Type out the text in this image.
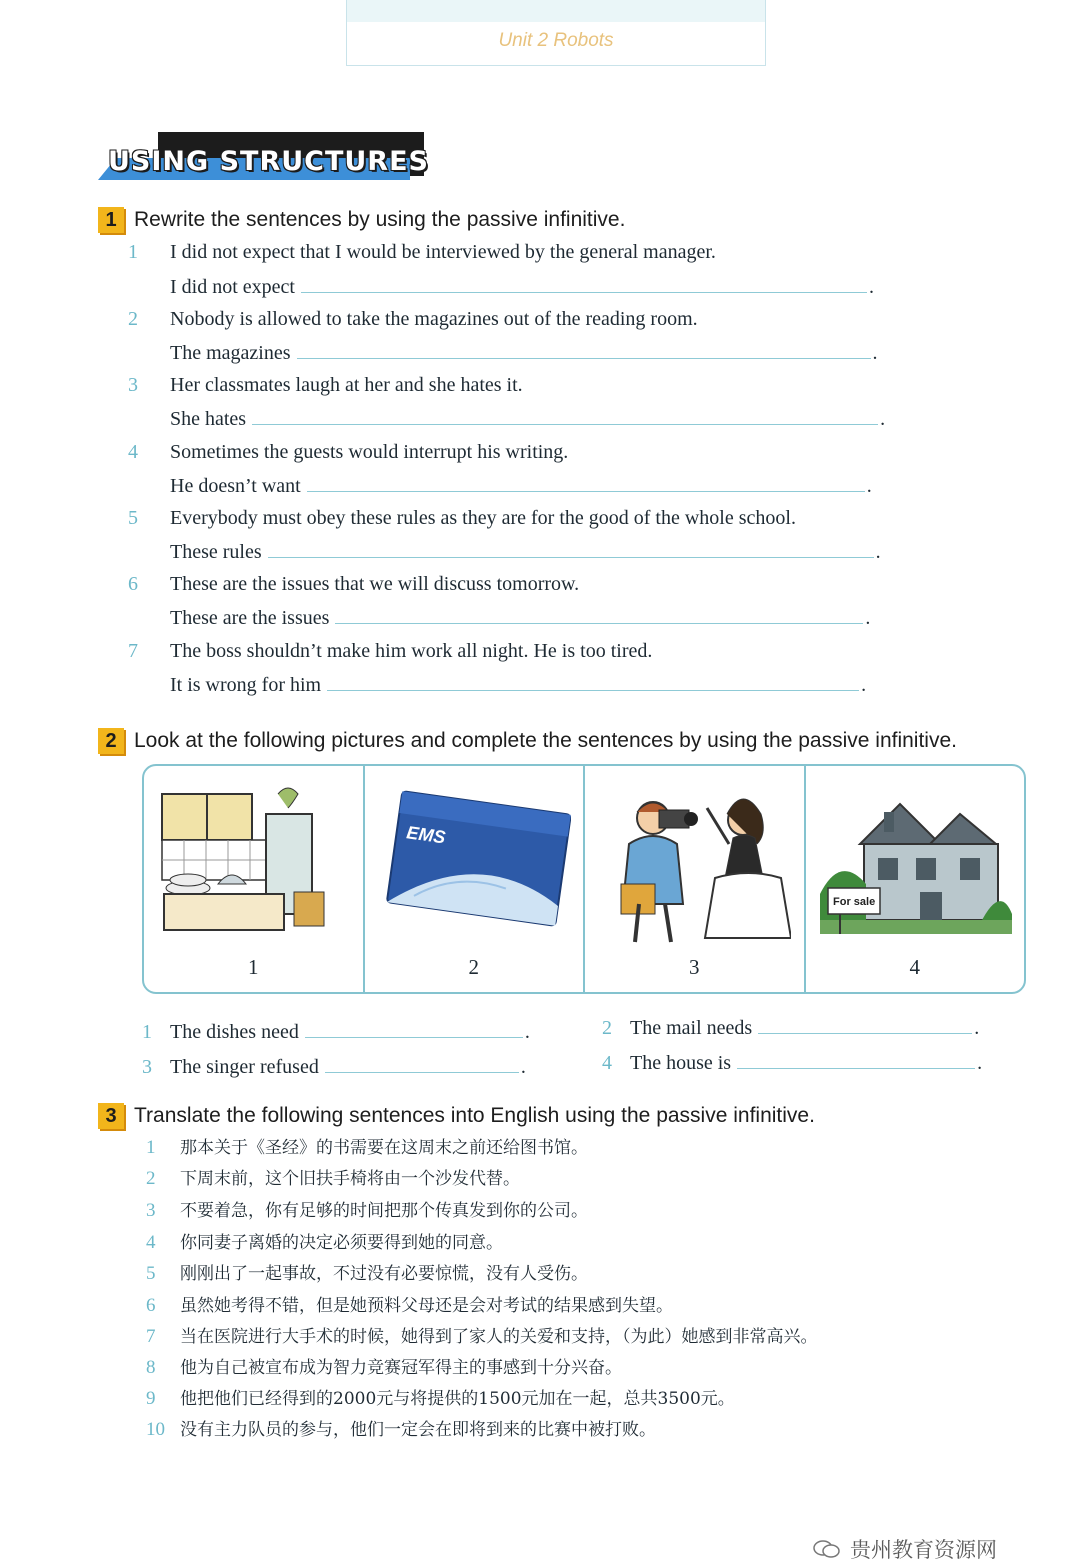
Unit 2 Robots
USING STRUCTURES
1 Rewrite the sentences by using the passive infinitive.
1 I did not expect that I would be interviewed by the general manager.
I did not expect	.
2 Nobody is allowed to take the magazines out of the reading room.
The magazines	.
3 Her classmates laugh at her and she hates it.
She hates	.
4 Sometimes the guests would interrupt his writing.
He doesn’t want	.
5 Everybody must obey these rules as they are for the good of the whole school.
These rules	.
6 These are the issues that we will discuss tomorrow.
These are the issues	.
7 The boss shouldn’t make him work all night. He is too tired.
It is wrong for him	.
2 Look at the following pictures and complete the sentences by using the passive infinitive.
1
EMS
2	3
For sale
4
1 The dishes need	.	2 The mail needs	.
3 The singer refused	.	4 The house is	.
3 Translate the following sentences into English using the passive infinitive.
1 那本关于《圣经》的书需要在这周末之前还给图书馆。
2 下周末前，这个旧扶手椅将由一个沙发代替。
3 不要着急，你有足够的时间把那个传真发到你的公司。
4 你同妻子离婚的决定必须要得到她的同意。
5 刚刚出了一起事故，不过没有必要惊慌，没有人受伤。
6 虽然她考得不错，但是她预料父母还是会对考试的结果感到失望。
7 当在医院进行大手术的时候，她得到了家人的关爱和支持，（为此）她感到非常高兴。
8 他为自己被宣布成为智力竞赛冠军得主的事感到十分兴奋。
9 他把他们已经得到的2000元与将提供的1500元加在一起，总共3500元。
10 没有主力队员的参与，他们一定会在即将到来的比赛中被打败。
贵州教育资源网
